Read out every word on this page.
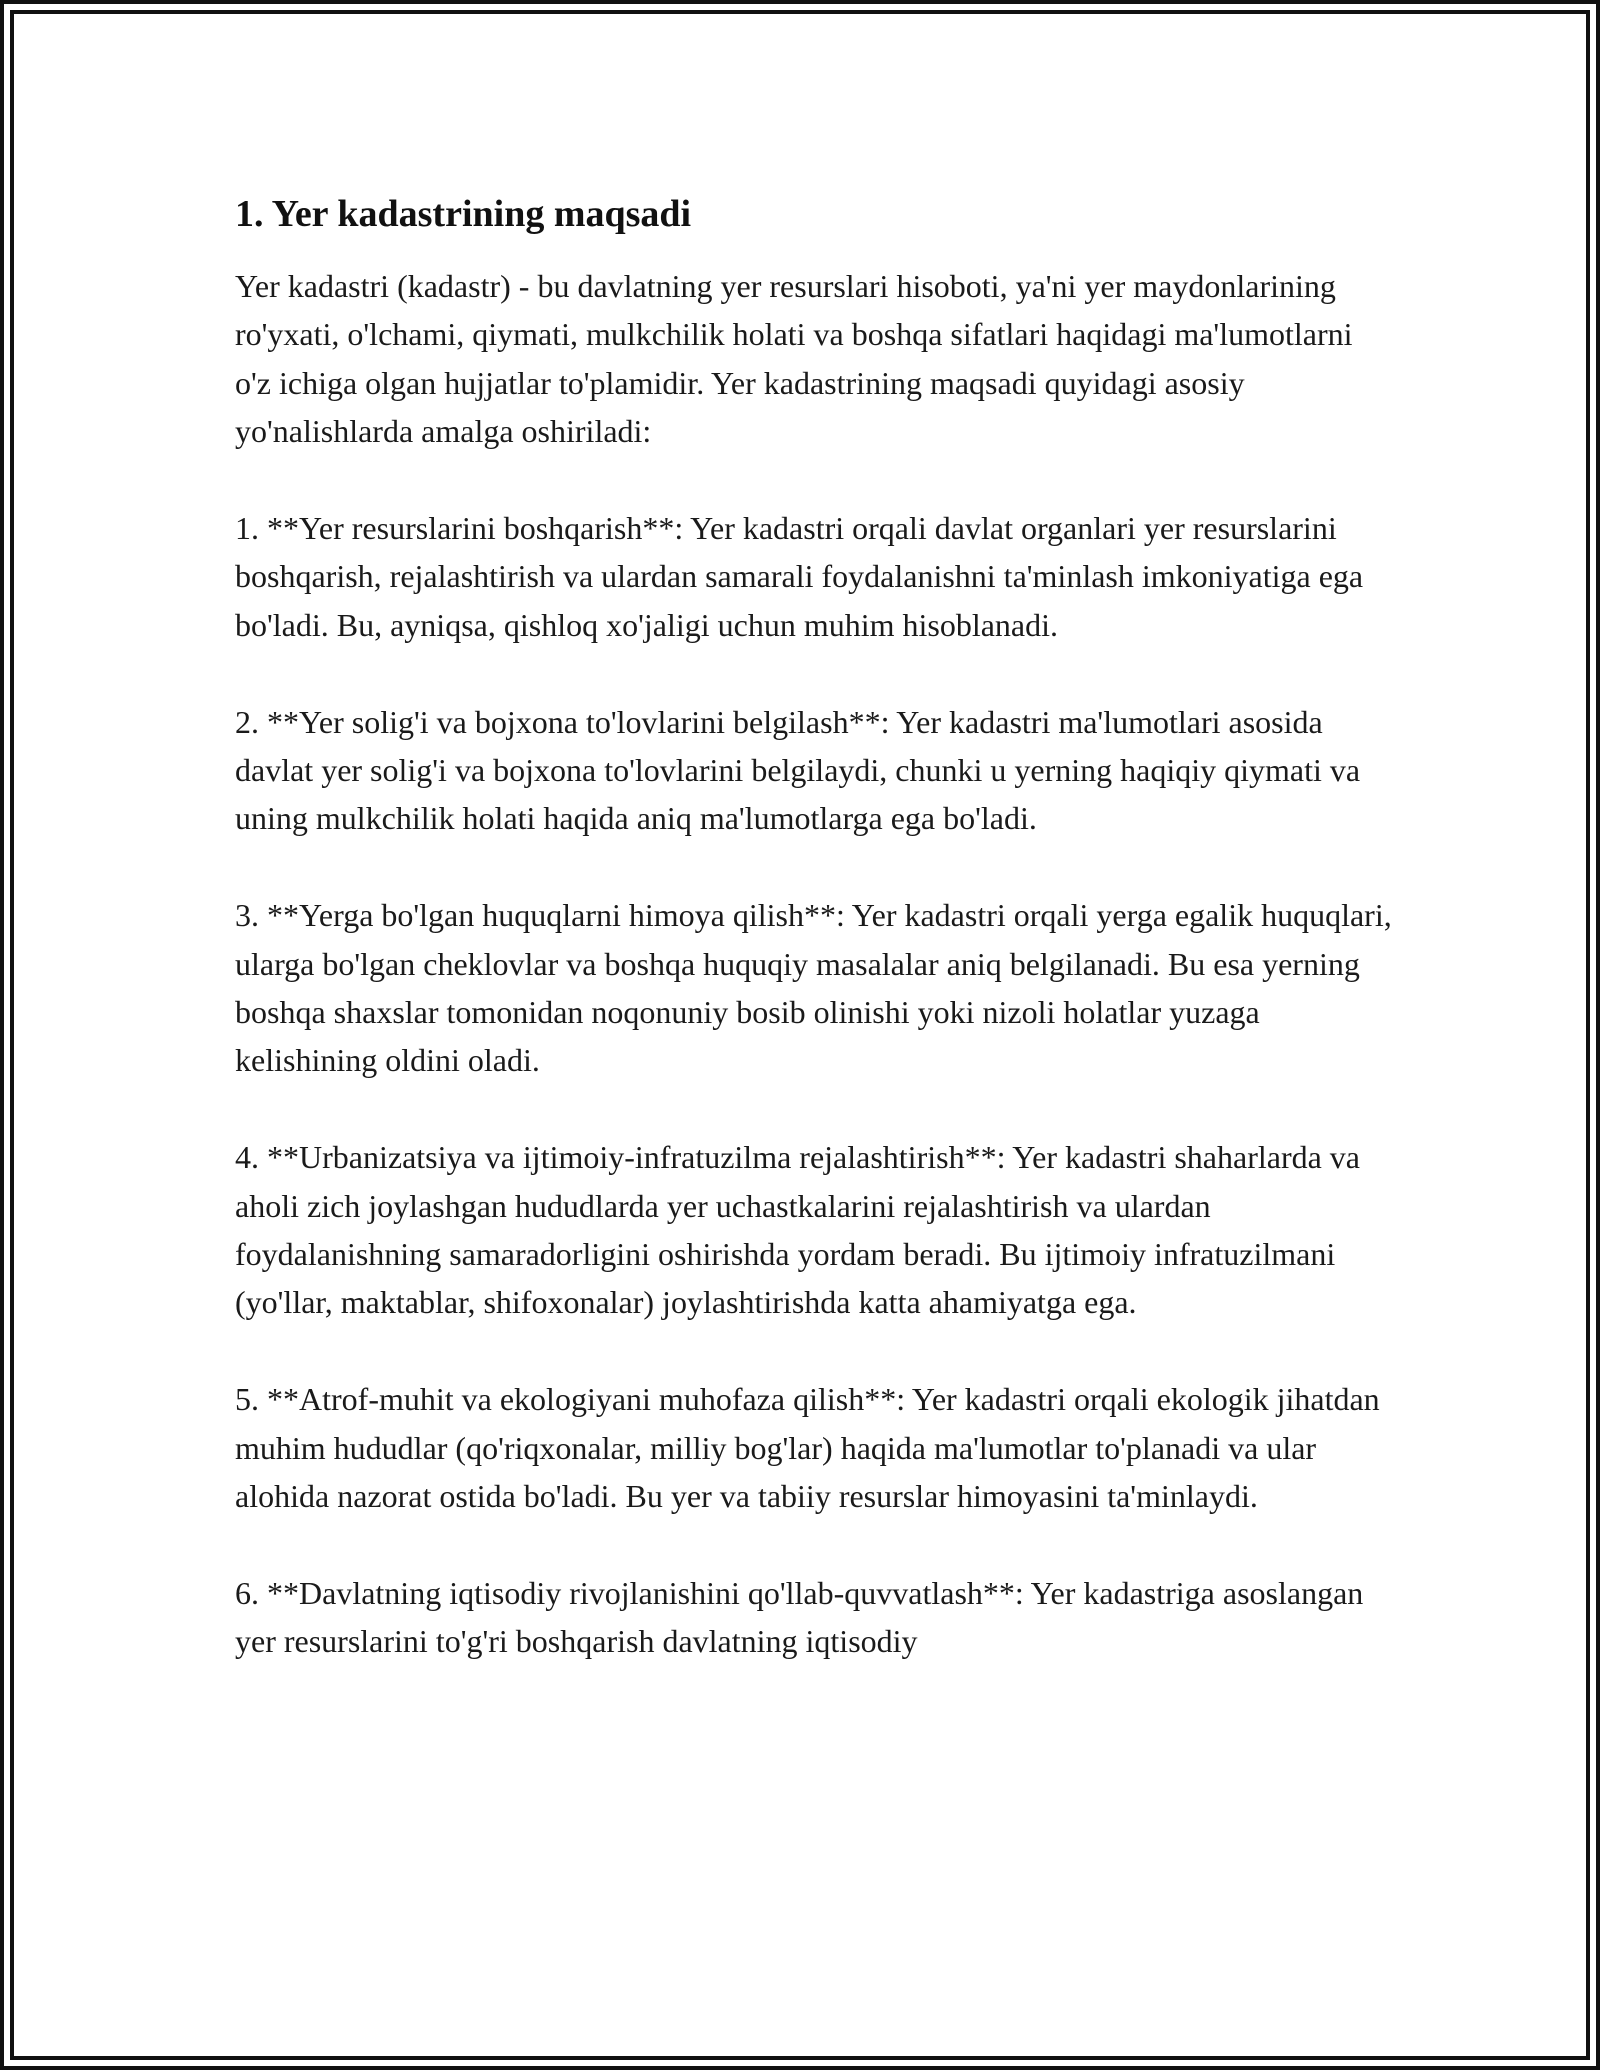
1. Yer kadastrining maqsadi

Yer kadastri (kadastr) - bu davlatning yer resurslari hisoboti, ya'ni yer maydonlarining ro'yxati, o'lchami, qiymati, mulkchilik holati va boshqa sifatlari haqidagi ma'lumotlarni o'z ichiga olgan hujjatlar to'plamidir. Yer kadastrining maqsadi quyidagi asosiy yo'nalishlarda amalga oshiriladi:

1. **Yer resurslarini boshqarish**: Yer kadastri orqali davlat organlari yer resurslarini boshqarish, rejalashtirish va ulardan samarali foydalanishni ta'minlash imkoniyatiga ega bo'ladi. Bu, ayniqsa, qishloq xo'jaligi uchun muhim hisoblanadi.

2. **Yer solig'i va bojxona to'lovlarini belgilash**: Yer kadastri ma'lumotlari asosida davlat yer solig'i va bojxona to'lovlarini belgilaydi, chunki u yerning haqiqiy qiymati va uning mulkchilik holati haqida aniq ma'lumotlarga ega bo'ladi.

3. **Yerga bo'lgan huquqlarni himoya qilish**: Yer kadastri orqali yerga egalik huquqlari, ularga bo'lgan cheklovlar va boshqa huquqiy masalalar aniq belgilanadi. Bu esa yerning boshqa shaxslar tomonidan noqonuniy bosib olinishi yoki nizoli holatlar yuzaga kelishining oldini oladi.

4. **Urbanizatsiya va ijtimoiy-infratuzilma rejalashtirish**: Yer kadastri shaharlarda va aholi zich joylashgan hududlarda yer uchastkalarini rejalashtirish va ulardan foydalanishning samaradorligini oshirishda yordam beradi. Bu ijtimoiy infratuzilmani (yo'llar, maktablar, shifoxonalar) joylashtirishda katta ahamiyatga ega.

5. **Atrof-muhit va ekologiyani muhofaza qilish**: Yer kadastri orqali ekologik jihatdan muhim hududlar (qo'riqxonalar, milliy bog'lar) haqida ma'lumotlar to'planadi va ular alohida nazorat ostida bo'ladi. Bu yer va tabiiy resurslar himoyasini ta'minlaydi.

6. **Davlatning iqtisodiy rivojlanishini qo'llab-quvvatlash**: Yer kadastriga asoslangan yer resurslarini to'g'ri boshqarish davlatning iqtisodiy
